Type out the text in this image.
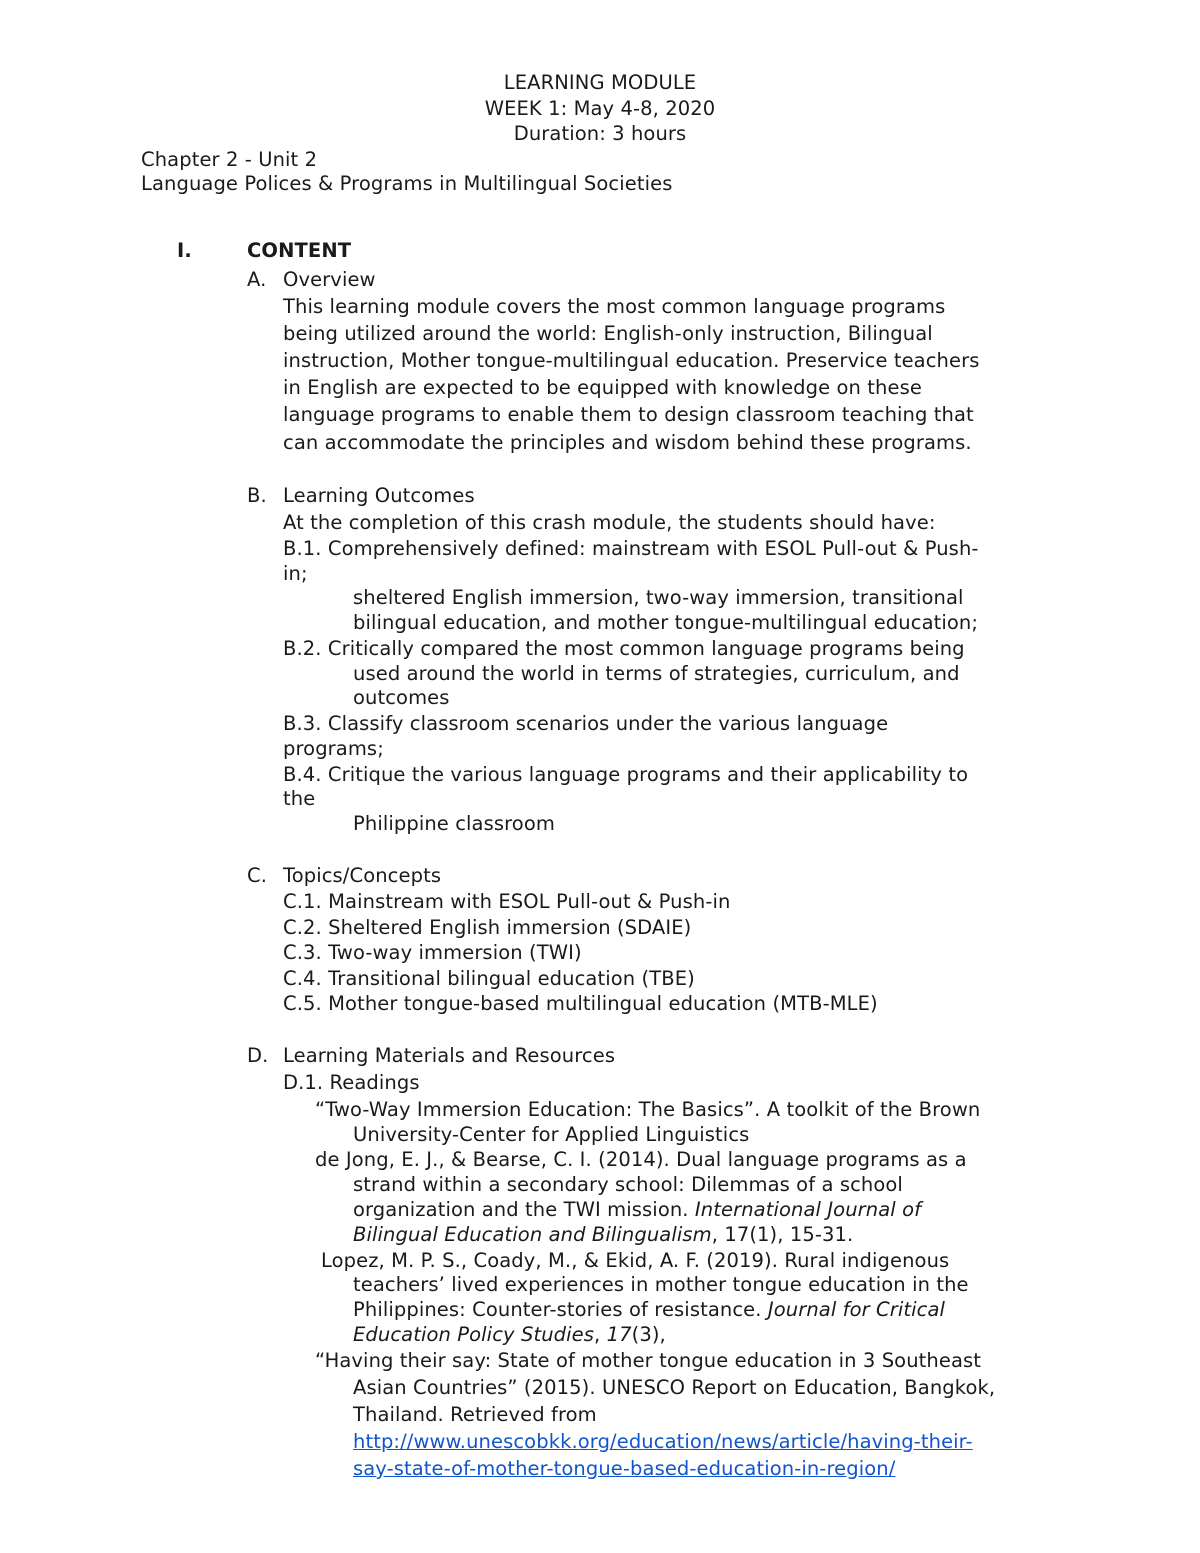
LEARNING MODULE
WEEK 1: May 4-8, 2020
Duration: 3 hours
Chapter 2 - Unit 2
Language Polices & Programs in Multilingual Societies
I.	CONTENT
A. Overview
This learning module covers the most common language programs
being utilized around the world: English-only instruction, Bilingual
instruction, Mother tongue-multilingual education. Preservice teachers
in English are expected to be equipped with knowledge on these
language programs to enable them to design classroom teaching that
can accommodate the principles and wisdom behind these programs.
B. Learning Outcomes
At the completion of this crash module, the students should have:
B.1. Comprehensively defined: mainstream with ESOL Pull-out & Push-
in;
sheltered English immersion, two-way immersion, transitional
bilingual education, and mother tongue-multilingual education;
B.2. Critically compared the most common language programs being
used around the world in terms of strategies, curriculum, and
outcomes
B.3. Classify classroom scenarios under the various language
programs;
B.4. Critique the various language programs and their applicability to
the
Philippine classroom
C. Topics/Concepts
C.1. Mainstream with ESOL Pull-out & Push-in
C.2. Sheltered English immersion (SDAIE)
C.3. Two-way immersion (TWI)
C.4. Transitional bilingual education (TBE)
C.5. Mother tongue-based multilingual education (MTB-MLE)
D. Learning Materials and Resources
D.1. Readings
“Two-Way Immersion Education: The Basics”. A toolkit of the Brown
University-Center for Applied Linguistics
de Jong, E. J., & Bearse, C. I. (2014). Dual language programs as a
strand within a secondary school: Dilemmas of a school
organization and the TWI mission. International Journal of
Bilingual Education and Bilingualism, 17(1), 15-31.
Lopez, M. P. S., Coady, M., & Ekid, A. F. (2019). Rural indigenous
teachers’ lived experiences in mother tongue education in the
Philippines: Counter-stories of resistance. Journal for Critical
Education Policy Studies, 17(3),
“Having their say: State of mother tongue education in 3 Southeast
Asian Countries” (2015). UNESCO Report on Education, Bangkok,
Thailand. Retrieved from
http://www.unescobkk.org/education/news/article/having-their-
say-state-of-mother-tongue-based-education-in-region/
